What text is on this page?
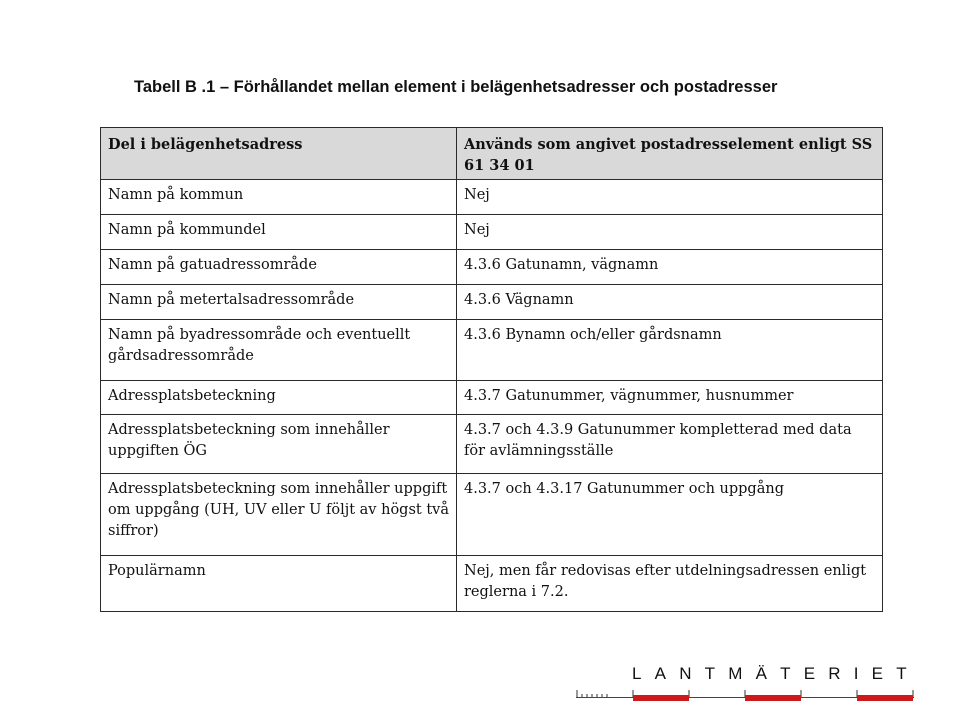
Tabell B .1 – Förhållandet mellan element i belägenhetsadresser och postadresser
Del i belägenhetsadress	Används som angivet postadresselement enligt SS 61 34 01
Namn på kommun	Nej
Namn på kommundel	Nej
Namn på gatuadressområde	4.3.6 Gatunamn, vägnamn
Namn på metertalsadressområde	4.3.6 Vägnamn
Namn på byadressområde och eventuellt gårdsadressområde	4.3.6 Bynamn och/eller gårdsnamn
Adressplatsbeteckning	4.3.7 Gatunummer, vägnummer, husnummer
Adressplatsbeteckning som innehåller uppgiften ÖG	4.3.7 och 4.3.9 Gatunummer kompletterad med data för avlämningsställe
Adressplatsbeteckning som innehåller uppgift om uppgång (UH, UV eller U följt av högst två siffror)	4.3.7 och 4.3.17 Gatunummer och uppgång
Populärnamn	Nej, men får redovisas efter utdelningsadressen enligt reglerna i 7.2.
LANTMÄTERIET
